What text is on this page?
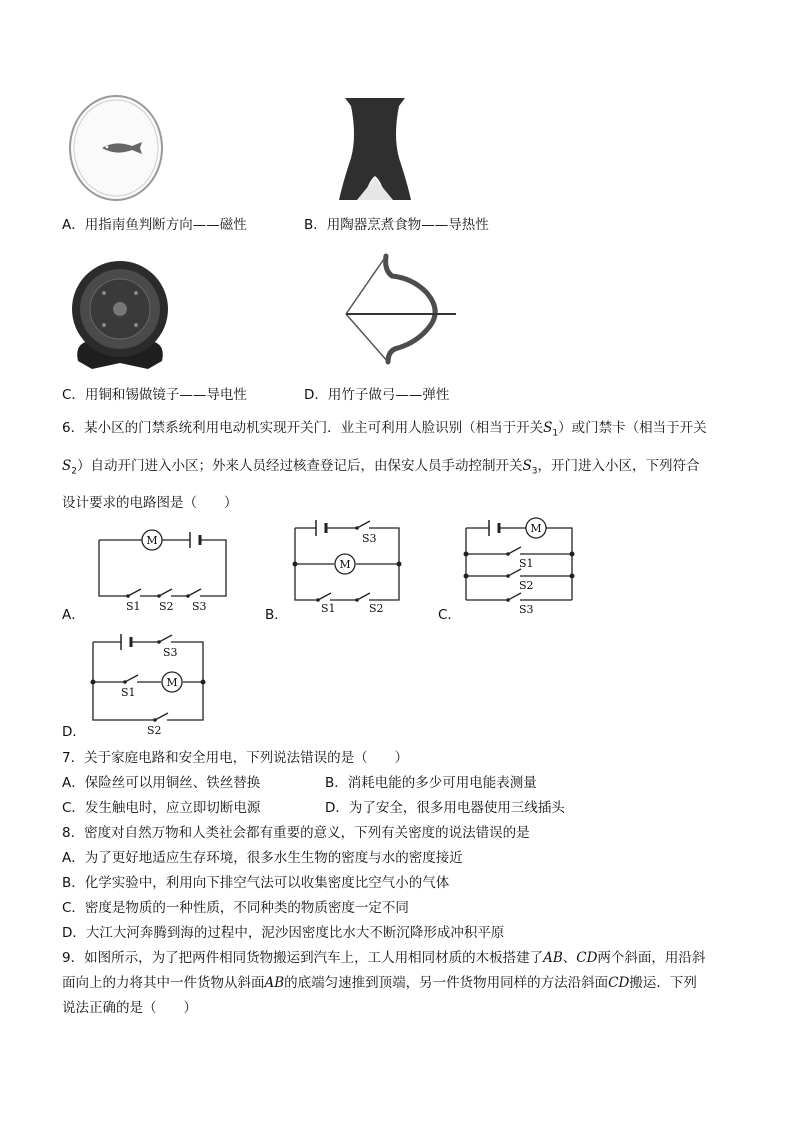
A．用指南鱼判断方向——磁性	B．用陶器烹煮食物——导热性
C．用铜和锡做镜子——导电性	D．用竹子做弓——弹性
6．某小区的门禁系统利用电动机实现开关门．业主可利用人脸识别（相当于开关$S_1$）或门禁卡（相当于开关
$S_2$）自动开门进入小区；外来人员经过核查登记后，由保安人员手动控制开关$S_3$，开门进入小区，下列符合
设计要求的电路图是（　　）
A．
M
S1 S2 S3
B．
M
S3
S1	S2	C．
M
S1
S2
S3
D．
M
S3
S1
S2
7．关于家庭电路和安全用电，下列说法错误的是（　　）
A．保险丝可以用铜丝、铁丝替换	B．消耗电能的多少可用电能表测量
C．发生触电时，应立即切断电源	D．为了安全，很多用电器使用三线插头
8．密度对自然万物和人类社会都有重要的意义，下列有关密度的说法错误的是
A．为了更好地适应生存环境，很多水生生物的密度与水的密度接近
B．化学实验中，利用向下排空气法可以收集密度比空气小的气体
C．密度是物质的一种性质，不同种类的物质密度一定不同
D．大江大河奔腾到海的过程中，泥沙因密度比水大不断沉降形成冲积平原
9．如图所示，为了把两件相同货物搬运到汽车上，工人用相同材质的木板搭建了AB、CD两个斜面，用沿斜
面向上的力将其中一件货物从斜面AB的底端匀速推到顶端，另一件货物用同样的方法沿斜面CD搬运．下列
说法正确的是（　　）
